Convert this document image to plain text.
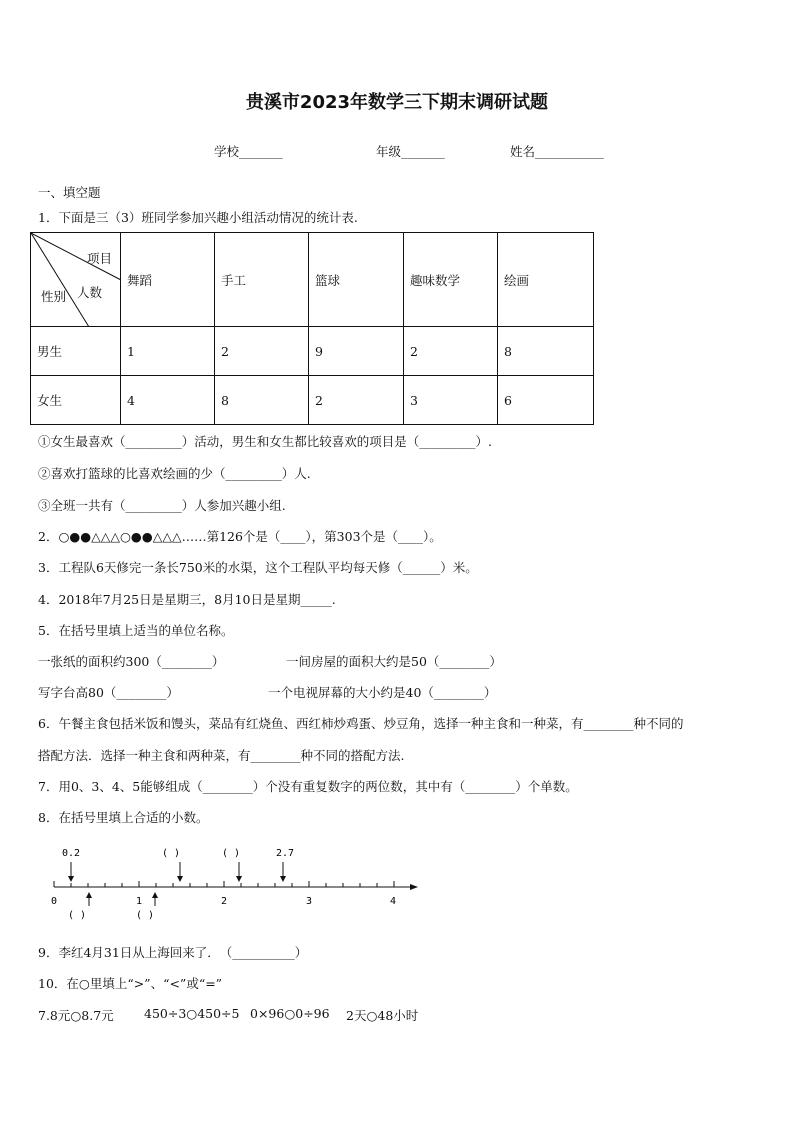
贵溪市2023年数学三下期末调研试题
学校_______	年级_______	姓名___________
一、填空题
1．下面是三（3）班同学参加兴趣小组活动情况的统计表.
项目
人数
性别	舞蹈	手工	篮球	趣味数学	绘画
男生	1	2	9	2	8
女生	4	8	2	3	6
①女生最喜欢（_________）活动，男生和女生都比较喜欢的项目是（_________）.
②喜欢打篮球的比喜欢绘画的少（_________）人.
③全班一共有（_________）人参加兴趣小组.
2．○●●△△△○●●△△△……第126个是（____），第303个是（____）。
3．工程队6天修完一条长750米的水渠，这个工程队平均每天修（______）米。
4．2018年7月25日是星期三，8月10日是星期_____.
5．在括号里填上适当的单位名称。
一张纸的面积约300（________）	一间房屋的面积大约是50（________）
写字台高80（________）	一个电视屏幕的大小约是40（________）
6．午餐主食包括米饭和馒头，菜品有红烧鱼、西红柿炒鸡蛋、炒豆角，选择一种主食和一种菜，有________种不同的
搭配方法．选择一种主食和两种菜，有________种不同的搭配方法.
7．用0、3、4、5能够组成（________）个没有重复数字的两位数，其中有（________）个单数。
8．在括号里填上合适的小数。
0.2	( )	( )	2.7
( )	( )
0	1	2	3	4
9．李红4月31日从上海回来了．　（__________）
10．在○里填上“>”、“<”或“=”
7.8元○8.7元 450÷3○450÷5 0×96○0÷96 2天○48小时
